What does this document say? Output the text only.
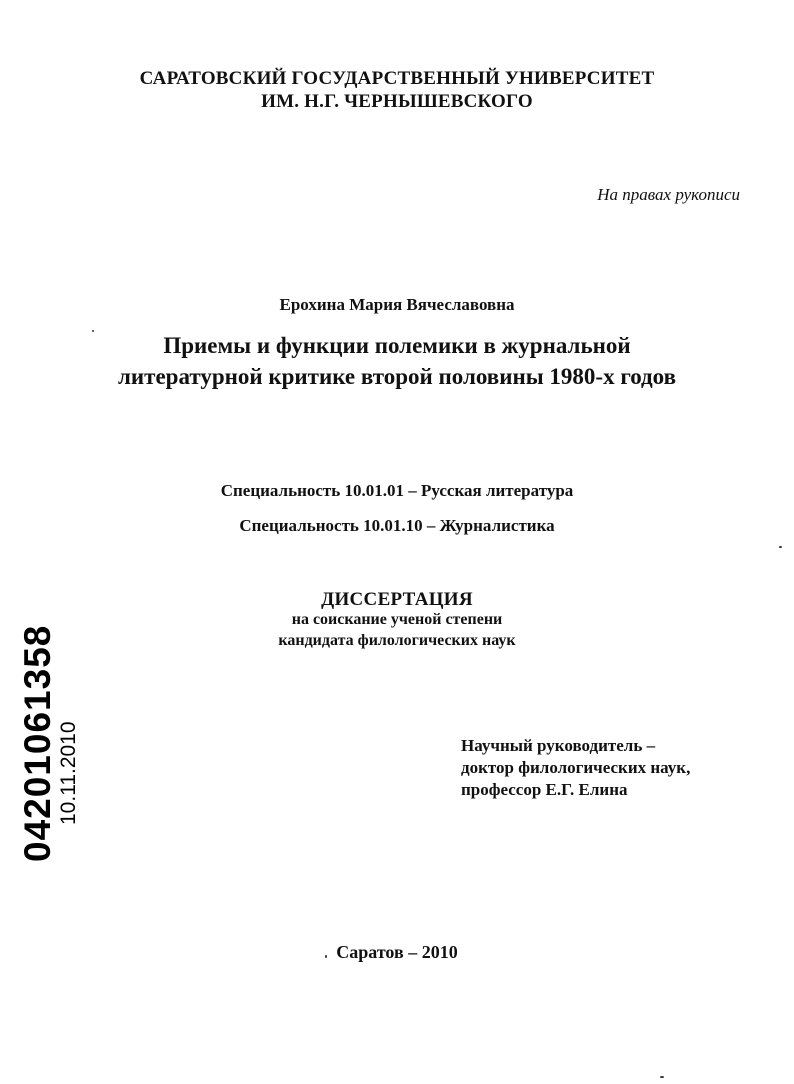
САРАТОВСКИЙ ГОСУДАРСТВЕННЫЙ УНИВЕРСИТЕТ
ИМ. Н.Г. ЧЕРНЫШЕВСКОГО
На правах рукописи
Ерохина Мария Вячеславовна
Приемы и функции полемики в журнальной
литературной критике второй половины 1980-х годов
Специальность 10.01.01 – Русская литература
Специальность 10.01.10 – Журналистика
ДИССЕРТАЦИЯ
на соискание ученой степени
кандидата филологических наук
Научный руководитель –
доктор филологических наук,
профессор Е.Г. Елина
Саратов – 2010
04201061358 10.11.2010
